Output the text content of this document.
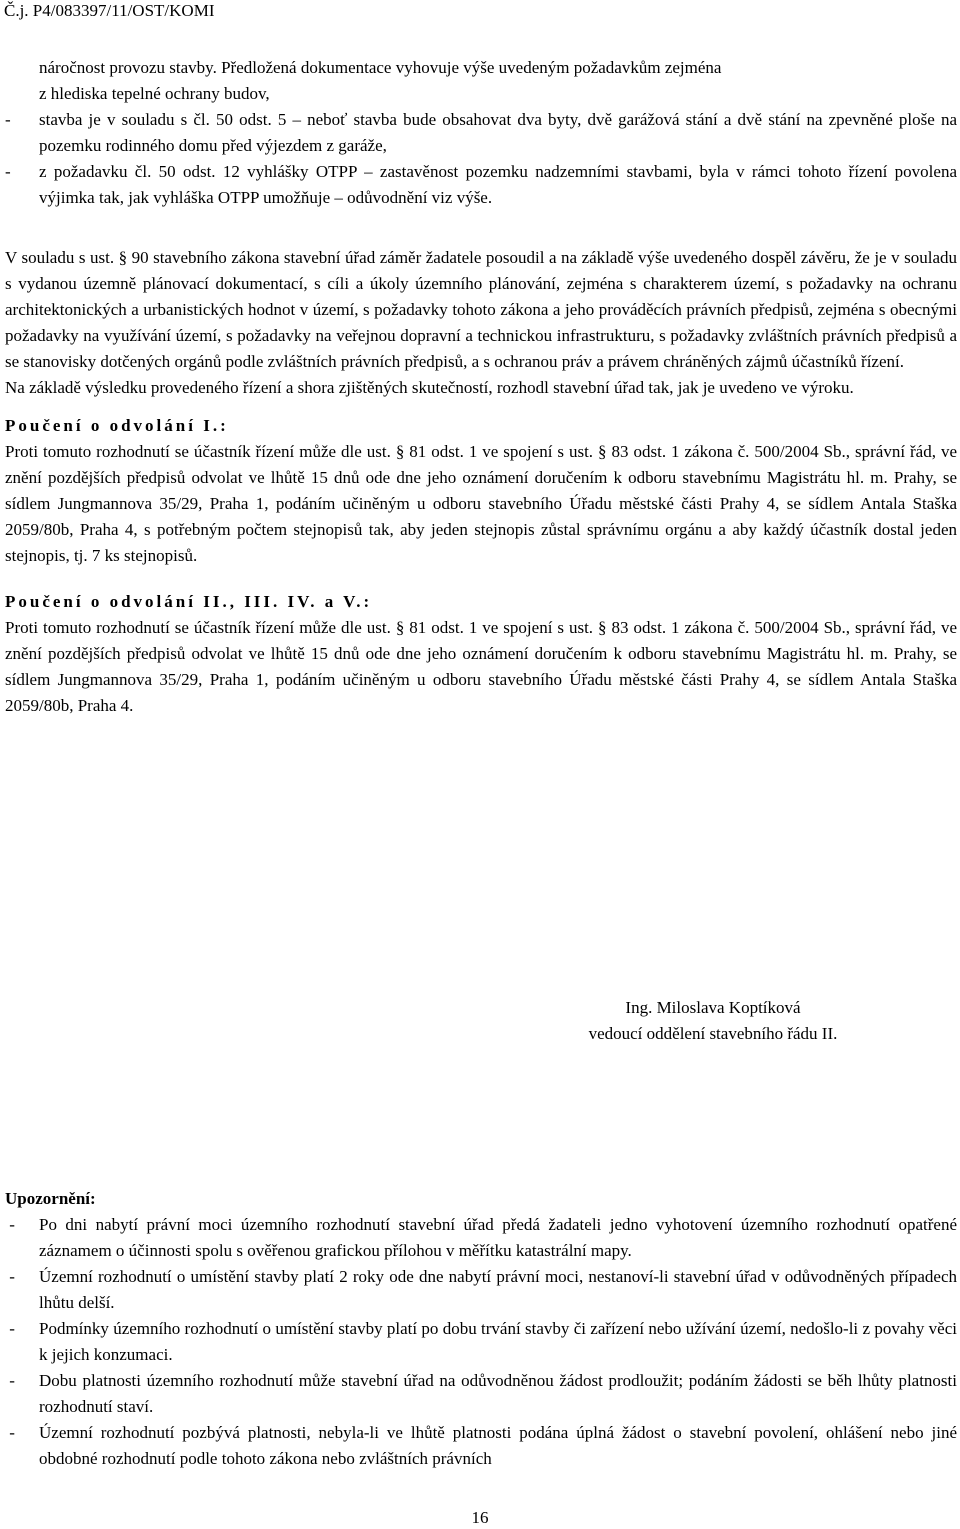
Č.j. P4/083397/11/OST/KOMI
náročnost provozu stavby. Předložená dokumentace vyhovuje výše uvedeným požadavkům zejména
z hlediska tepelné ochrany budov,
-	stavba je v souladu s čl. 50 odst. 5 – neboť stavba bude obsahovat dva byty, dvě garážová stání a dvě stání na zpevněné ploše na pozemku rodinného domu před výjezdem z garáže,
-	z požadavku čl. 50 odst. 12 vyhlášky OTPP – zastavěnost pozemku nadzemními stavbami, byla v rámci tohoto řízení povolena výjimka tak, jak vyhláška OTPP umožňuje – odůvodnění viz výše.

V souladu s ust. § 90 stavebního zákona stavební úřad záměr žadatele posoudil a na základě výše uvedeného dospěl závěru, že je v souladu s vydanou územně plánovací dokumentací, s cíli a úkoly územního plánování, zejména s charakterem území, s požadavky na ochranu architektonických a urbanistických hodnot v území, s požadavky tohoto zákona a jeho prováděcích právních předpisů, zejména s obecnými požadavky na využívání území, s požadavky na veřejnou dopravní a technickou infrastrukturu, s požadavky zvláštních právních předpisů a se stanovisky dotčených orgánů podle zvláštních právních předpisů, a s ochranou práv a právem chráněných zájmů účastníků řízení.

Na základě výsledku provedeného řízení a shora zjištěných skutečností, rozhodl stavební úřad tak, jak je uvedeno ve výroku.

Poučení o odvolání I.:

Proti tomuto rozhodnutí se účastník řízení může dle ust. § 81 odst. 1 ve spojení s ust. § 83 odst. 1 zákona č. 500/2004 Sb., správní řád, ve znění pozdějších předpisů odvolat ve lhůtě 15 dnů ode dne jeho oznámení doručením k odboru stavebnímu Magistrátu hl. m. Prahy, se sídlem Jungmannova 35/29, Praha 1, podáním učiněným u odboru stavebního Úřadu městské části Prahy 4, se sídlem Antala Staška 2059/80b, Praha 4, s potřebným počtem stejnopisů tak, aby jeden stejnopis zůstal správnímu orgánu a aby každý účastník dostal jeden stejnopis, tj. 7 ks stejnopisů.

Poučení o odvolání II., III. IV. a V.:

Proti tomuto rozhodnutí se účastník řízení může dle ust. § 81 odst. 1 ve spojení s ust. § 83 odst. 1 zákona č. 500/2004 Sb., správní řád, ve znění pozdějších předpisů odvolat ve lhůtě 15 dnů ode dne jeho oznámení doručením k odboru stavebnímu Magistrátu hl. m. Prahy, se sídlem Jungmannova 35/29, Praha 1, podáním učiněným u odboru stavebního Úřadu městské části Prahy 4, se sídlem Antala Staška 2059/80b, Praha 4.

Ing. Miloslava Koptíková
vedoucí oddělení stavebního řádu II.
Upozornění:
-	Po dni nabytí právní moci územního rozhodnutí stavební úřad předá žadateli jedno vyhotovení územního rozhodnutí opatřené záznamem o účinnosti spolu s ověřenou grafickou přílohou v měřítku katastrální mapy.
-	Územní rozhodnutí o umístění stavby platí 2 roky ode dne nabytí právní moci, nestanoví-li stavební úřad v odůvodněných případech lhůtu delší.
-	Podmínky územního rozhodnutí o umístění stavby platí po dobu trvání stavby či zařízení nebo užívání území, nedošlo-li z povahy věci k jejich konzumaci.
-	Dobu platnosti územního rozhodnutí může stavební úřad na odůvodněnou žádost prodloužit; podáním žádosti se běh lhůty platnosti rozhodnutí staví.
-	Územní rozhodnutí pozbývá platnosti, nebyla-li ve lhůtě platnosti podána úplná žádost o stavební povolení, ohlášení nebo jiné obdobné rozhodnutí podle tohoto zákona nebo zvláštních právních
16
